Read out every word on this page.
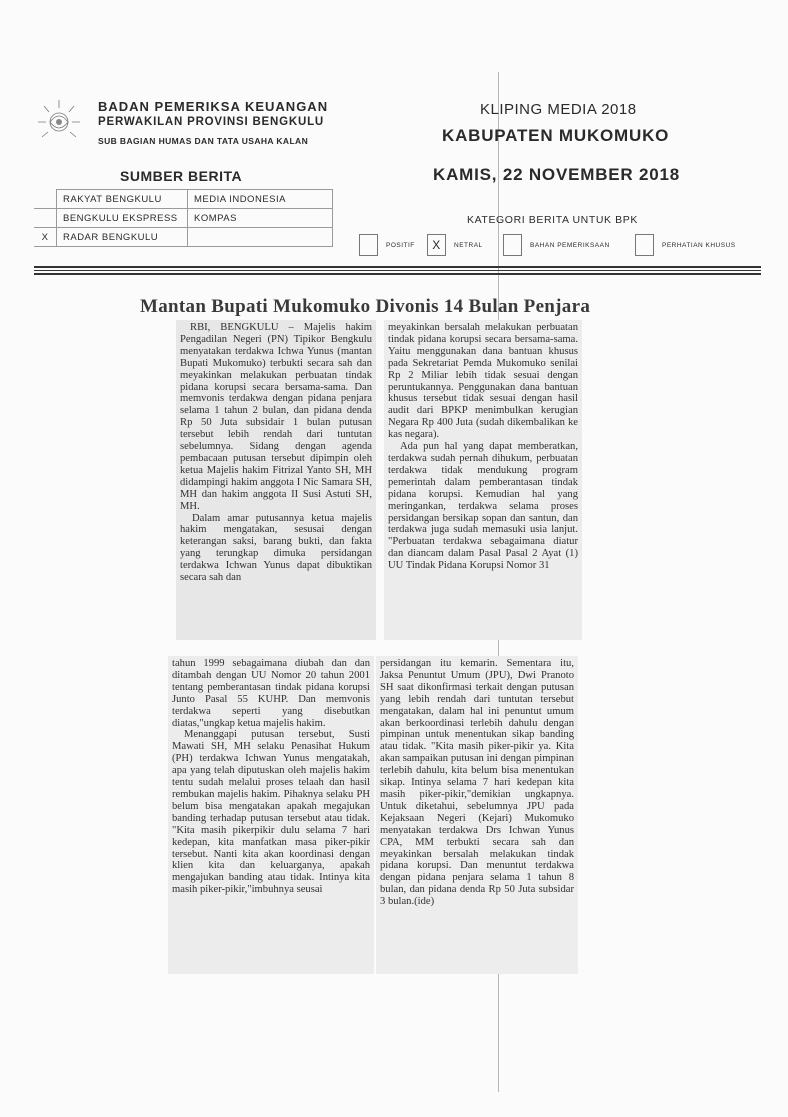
BADAN PEMERIKSA KEUANGAN
PERWAKILAN PROVINSI BENGKULU
SUB BAGIAN HUMAS DAN TATA USAHA KALAN
KLIPING MEDIA 2018
KABUPATEN MUKOMUKO
KAMIS, 22 NOVEMBER 2018
SUMBER BERITA
	RAKYAT BENGKULU	MEDIA INDONESIA
	BENGKULU EKSPRESS	KOMPAS
X	RADAR BENGKULU	
KATEGORI BERITA UNTUK BPK
POSITIF	X	NETRAL	BAHAN PEMERIKSAAN	PERHATIAN KHUSUS
Mantan Bupati Mukomuko Divonis 14 Bulan Penjara

RBI, BENGKULU – Majelis hakim Pengadilan Negeri (PN) Tipikor Bengkulu menyatakan terdakwa Ichwa Yunus (mantan Bupati Mukomuko) terbukti secara sah dan meyakinkan melakukan perbuatan tindak pidana korupsi secara bersama-sama. Dan memvonis terdakwa dengan pidana penjara selama 1 tahun 2 bulan, dan pidana denda Rp 50 Juta subsidair 1 bulan putusan tersebut lebih rendah dari tuntutan sebelumnya. Sidang dengan agenda pembacaan putusan tersebut dipimpin oleh ketua Majelis hakim Fitrizal Yanto SH, MH didampingi hakim anggota I Nic Samara SH, MH dan hakim anggota II Susi Astuti SH, MH.

Dalam amar putusannya ketua majelis hakim mengatakan, sesusai dengan keterangan saksi, barang bukti, dan fakta yang terungkap dimuka persidangan terdakwa Ichwan Yunus dapat dibuktikan secara sah dan

meyakinkan bersalah melakukan perbuatan tindak pidana korupsi secara bersama-sama. Yaitu menggunakan dana bantuan khusus pada Sekretariat Pemda Mukomuko senilai Rp 2 Miliar lebih tidak sesuai dengan peruntukannya. Penggunakan dana bantuan khusus tersebut tidak sesuai dengan hasil audit dari BPKP menimbulkan kerugian Negara Rp 400 Juta (sudah dikembalikan ke kas negara).

Ada pun hal yang dapat memberatkan, terdakwa sudah pernah dihukum, perbuatan terdakwa tidak mendukung program pemerintah dalam pemberantasan tindak pidana korupsi. Kemudian hal yang meringankan, terdakwa selama proses persidangan bersikap sopan dan santun, dan terdakwa juga sudah memasuki usia lanjut. "Perbuatan terdakwa sebagaimana diatur dan diancam dalam Pasal Pasal 2 Ayat (1) UU Tindak Pidana Korupsi Nomor 31

tahun 1999 sebagaimana diubah dan dan ditambah dengan UU Nomor 20 tahun 2001 tentang pemberantasan tindak pidana korupsi Junto Pasal 55 KUHP. Dan memvonis terdakwa seperti yang disebutkan diatas,"ungkap ketua majelis hakim.

Menanggapi putusan tersebut, Susti Mawati SH, MH selaku Penasihat Hukum (PH) terdakwa Ichwan Yunus mengatakah, apa yang telah diputuskan oleh majelis hakim tentu sudah melalui proses telaah dan hasil rembukan majelis hakim. Pihaknya selaku PH belum bisa mengatakan apakah megajukan banding terhadap putusan tersebut atau tidak. "Kita masih pikerpikir dulu selama 7 hari kedepan, kita manfatkan masa piker-pikir tersebut. Nanti kita akan koordinasi dengan klien kita dan keluarganya, apakah mengajukan banding atau tidak. Intinya kita masih piker-pikir,"imbuhnya seusai

persidangan itu kemarin. Sementara itu, Jaksa Penuntut Umum (JPU), Dwi Pranoto SH saat dikonfirmasi terkait dengan putusan yang lebih rendah dari tuntutan tersebut mengatakan, dalam hal ini penuntut umum akan berkoordinasi terlebih dahulu dengan pimpinan untuk menentukan sikap banding atau tidak. "Kita masih piker-pikir ya. Kita akan sampaikan putusan ini dengan pimpinan terlebih dahulu, kita belum bisa menentukan sikap. Intinya selama 7 hari kedepan kita masih piker-pikir,"demikian ungkapnya. Untuk diketahui, sebelumnya JPU pada Kejaksaan Negeri (Kejari) Mukomuko menyatakan terdakwa Drs Ichwan Yunus CPA, MM terbukti secara sah dan meyakinkan bersalah melakukan tindak pidana korupsi. Dan menuntut terdakwa dengan pidana penjara selama 1 tahun 8 bulan, dan pidana denda Rp 50 Juta subsidar 3 bulan.(ide)
